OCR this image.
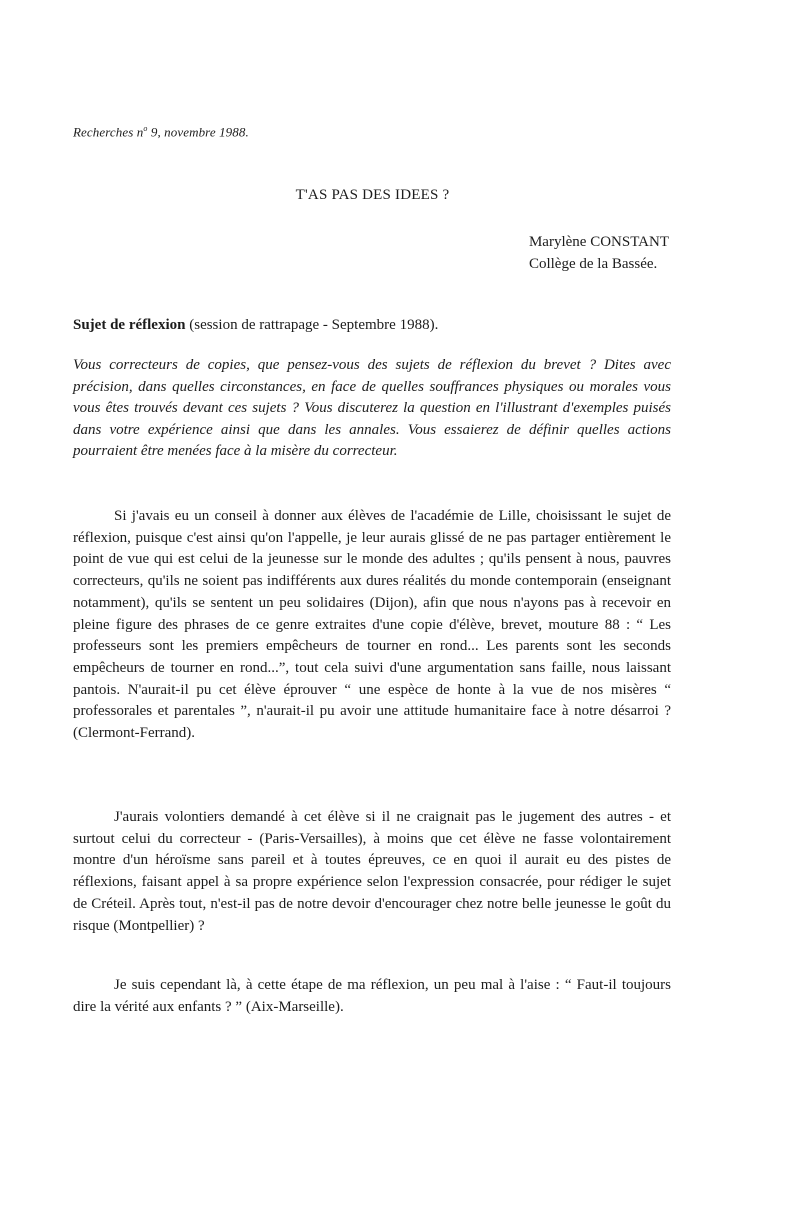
Recherches $n^o$ 9, novembre 1988.
T'AS PAS DES IDEES ?
Marylène CONSTANT
Collège de la Bassée.
Sujet de réflexion (session de rattrapage - Septembre 1988).

Vous correcteurs de copies, que pensez-vous des sujets de réflexion du brevet ? Dites avec précision, dans quelles circonstances, en face de quelles souffrances physiques ou morales vous vous êtes trouvés devant ces sujets ? Vous discuterez la question en l'illustrant d'exemples puisés dans votre expérience ainsi que dans les annales. Vous essaierez de définir quelles actions pourraient être menées face à la misère du correcteur.

Si j'avais eu un conseil à donner aux élèves de l'académie de Lille, choisissant le sujet de réflexion, puisque c'est ainsi qu'on l'appelle, je leur aurais glissé de ne pas partager entièrement le point de vue qui est celui de la jeunesse sur le monde des adultes ; qu'ils pensent à nous, pauvres correcteurs, qu'ils ne soient pas indifférents aux dures réalités du monde contemporain (enseignant notamment), qu'ils se sentent un peu solidaires (Dijon), afin que nous n'ayons pas à recevoir en pleine figure des phrases de ce genre extraites d'une copie d'élève, brevet, mouture 88 : “ Les professeurs sont les premiers empêcheurs de tourner en rond... Les parents sont les seconds empêcheurs de tourner en rond...”, tout cela suivi d'une argumentation sans faille, nous laissant pantois. N'aurait-il pu cet élève éprouver “ une espèce de honte à la vue de nos misères “ professorales et parentales ”, n'aurait-il pu avoir une attitude humanitaire face à notre désarroi ? (Clermont-Ferrand).

J'aurais volontiers demandé à cet élève si il ne craignait pas le jugement des autres - et surtout celui du correcteur - (Paris-Versailles), à moins que cet élève ne fasse volontairement montre d'un héroïsme sans pareil et à toutes épreuves, ce en quoi il aurait eu des pistes de réflexions, faisant appel à sa propre expérience selon l'expression consacrée, pour rédiger le sujet de Créteil. Après tout, n'est-il pas de notre devoir d'encourager chez notre belle jeunesse le goût du risque (Montpellier) ?

Je suis cependant là, à cette étape de ma réflexion, un peu mal à l'aise : “ Faut-il toujours dire la vérité aux enfants ? ” (Aix-Marseille).
